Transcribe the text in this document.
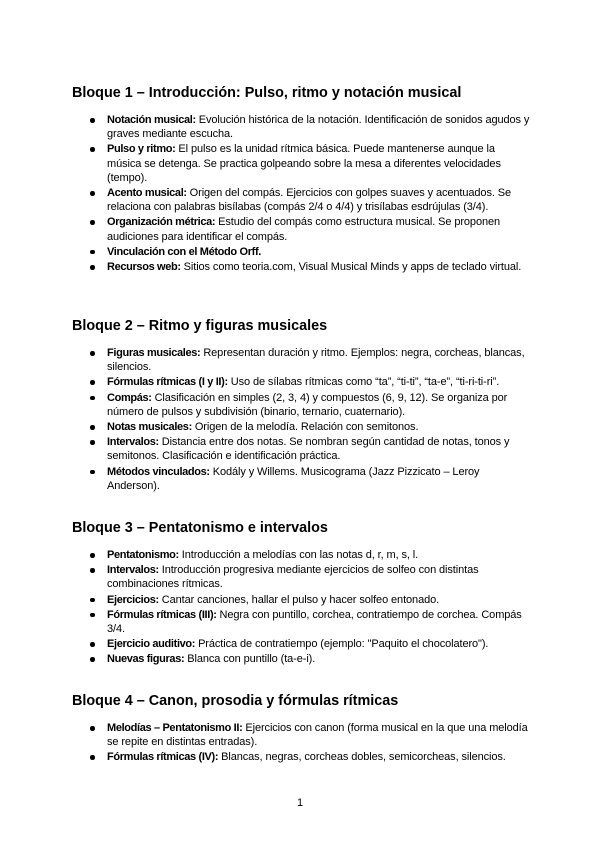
Bloque 1 – Introducción: Pulso, ritmo y notación musical
Notación musical: Evolución histórica de la notación. Identificación de sonidos agudos y graves mediante escucha.
Pulso y ritmo: El pulso es la unidad rítmica básica. Puede mantenerse aunque la música se detenga. Se practica golpeando sobre la mesa a diferentes velocidades (tempo).
Acento musical: Origen del compás. Ejercicios con golpes suaves y acentuados. Se relaciona con palabras bisílabas (compás 2/4 o 4/4) y trisílabas esdrújulas (3/4).
Organización métrica: Estudio del compás como estructura musical. Se proponen audiciones para identificar el compás.
Vinculación con el Método Orff.
Recursos web: Sitios como teoria.com, Visual Musical Minds y apps de teclado virtual.
Bloque 2 – Ritmo y figuras musicales
Figuras musicales: Representan duración y ritmo. Ejemplos: negra, corcheas, blancas, silencios.
Fórmulas rítmicas (I y II): Uso de sílabas rítmicas como “ta”, “ti-ti”, “ta-e”, “ti-ri-ti-ri”.
Compás: Clasificación en simples (2, 3, 4) y compuestos (6, 9, 12). Se organiza por número de pulsos y subdivisión (binario, ternario, cuaternario).
Notas musicales: Origen de la melodía. Relación con semitonos.
Intervalos: Distancia entre dos notas. Se nombran según cantidad de notas, tonos y semitonos. Clasificación e identificación práctica.
Métodos vinculados: Kodály y Willems. Musicograma (Jazz Pizzicato – Leroy Anderson).
Bloque 3 – Pentatonismo e intervalos
Pentatonismo: Introducción a melodías con las notas d, r, m, s, l.
Intervalos: Introducción progresiva mediante ejercicios de solfeo con distintas combinaciones rítmicas.
Ejercicios: Cantar canciones, hallar el pulso y hacer solfeo entonado.
Fórmulas rítmicas (III): Negra con puntillo, corchea, contratiempo de corchea. Compás 3/4.
Ejercicio auditivo: Práctica de contratiempo (ejemplo: "Paquito el chocolatero").
Nuevas figuras: Blanca con puntillo (ta-e-i).
Bloque 4 – Canon, prosodia y fórmulas rítmicas
Melodías – Pentatonismo II: Ejercicios con canon (forma musical en la que una melodía se repite en distintas entradas).
Fórmulas rítmicas (IV): Blancas, negras, corcheas dobles, semicorcheas, silencios.
1
